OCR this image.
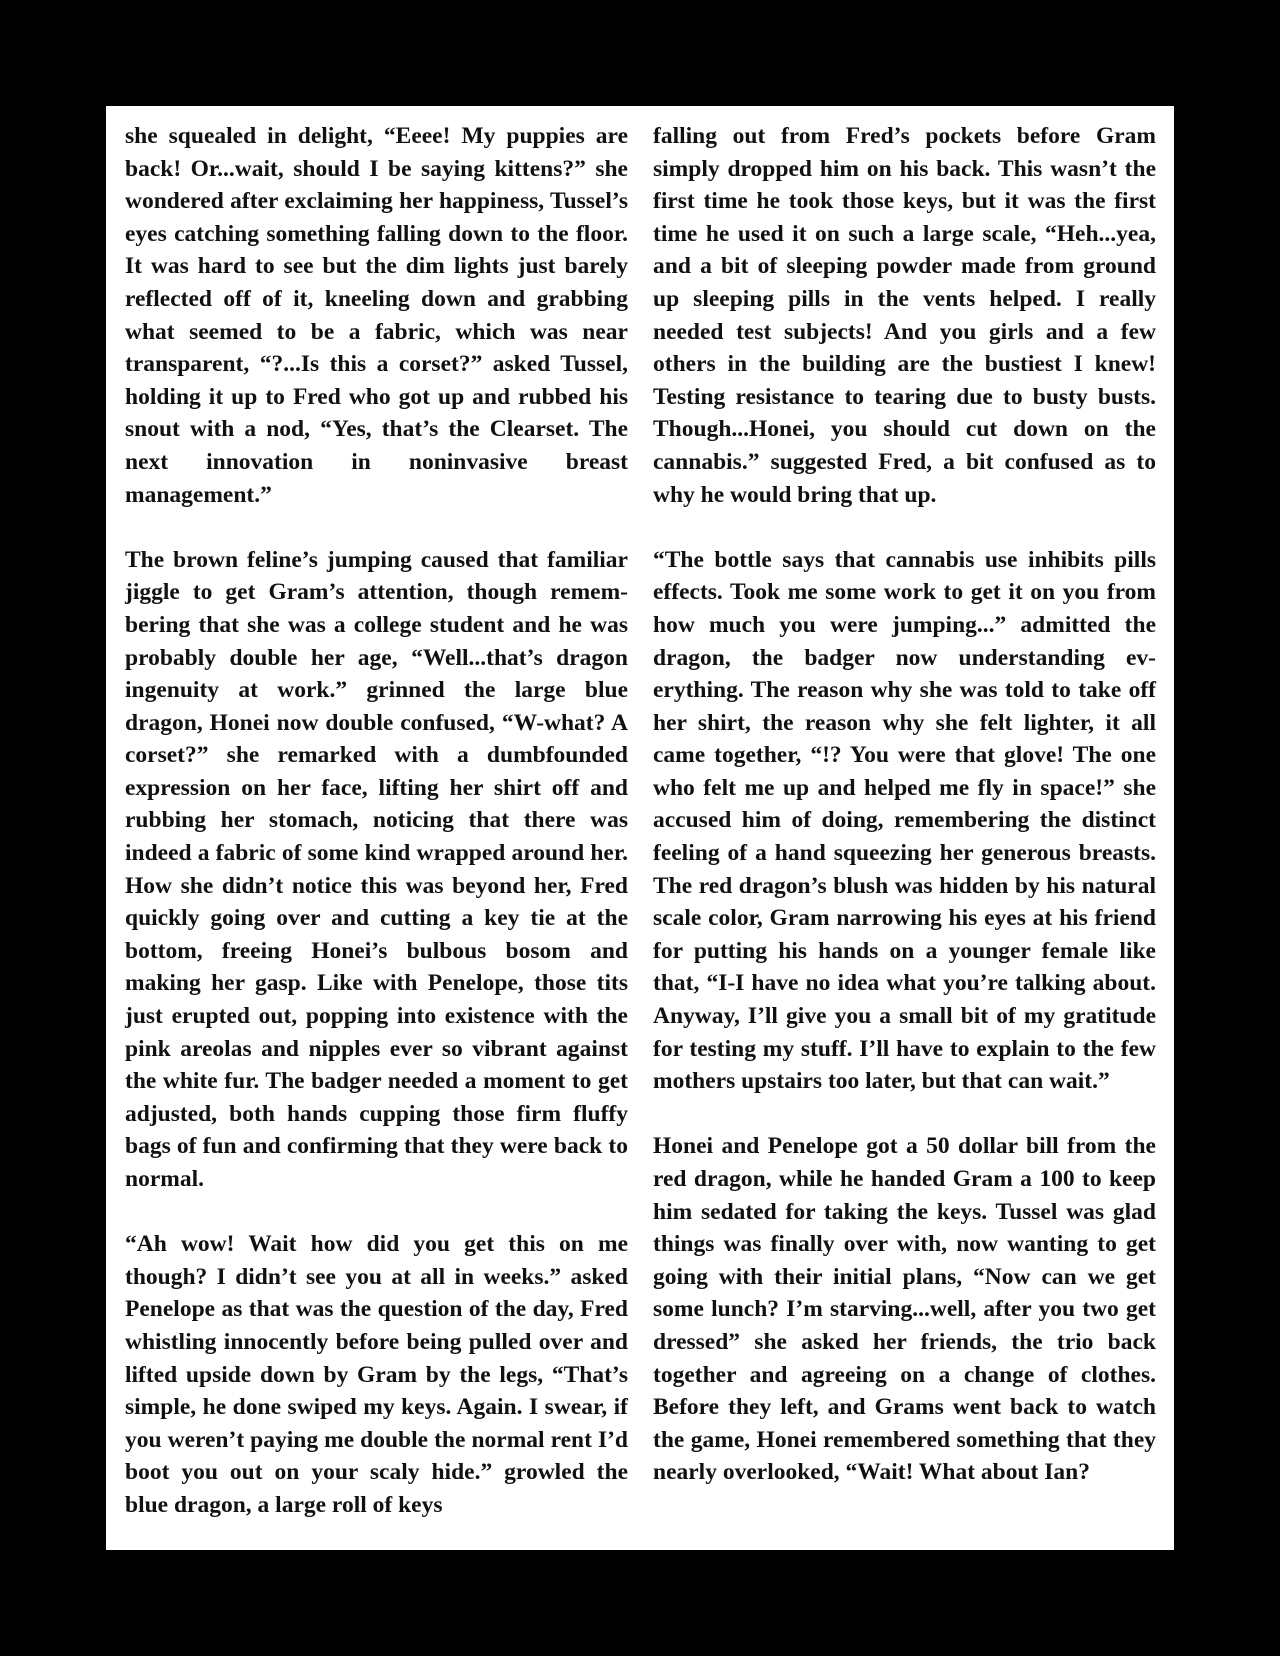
she squealed in delight, “Eeee! My puppies are back! Or...wait, should I be saying kittens?” she wondered after exclaiming her happiness, Tussel’s eyes catching something falling down to the floor. It was hard to see but the dim lights just barely reflected off of it, kneeling down and grabbing what seemed to be a fabric, which was near transparent, “?...Is this a corset?” asked Tussel, holding it up to Fred who got up and rubbed his snout with a nod, “Yes, that’s the Clearset. The next innovation in noninvasive breast management.”

The brown feline’s jumping caused that familiar jiggle to get Gram’s attention, though remembering that she was a college student and he was probably double her age, “Well...that’s dragon ingenuity at work.” grinned the large blue dragon, Honei now double confused, “W-what? A corset?” she remarked with a dumbfounded expression on her face, lifting her shirt off and rubbing her stomach, noticing that there was indeed a fabric of some kind wrapped around her. How she didn’t notice this was beyond her, Fred quickly going over and cutting a key tie at the bottom, freeing Honei’s bulbous bosom and making her gasp. Like with Penelope, those tits just erupted out, popping into existence with the pink areolas and nipples ever so vibrant against the white fur. The badger needed a moment to get adjusted, both hands cupping those firm fluffy bags of fun and confirming that they were back to normal.

“Ah wow! Wait how did you get this on me though? I didn’t see you at all in weeks.” asked Penelope as that was the question of the day, Fred whistling innocently before being pulled over and lifted upside down by Gram by the legs, “That’s simple, he done swiped my keys. Again. I swear, if you weren’t paying me double the normal rent I’d boot you out on your scaly hide.” growled the blue dragon, a large roll of keys

falling out from Fred’s pockets before Gram simply dropped him on his back. This wasn’t the first time he took those keys, but it was the first time he used it on such a large scale, “Heh...yea, and a bit of sleeping powder made from ground up sleeping pills in the vents helped. I really needed test subjects! And you girls and a few others in the building are the bustiest I knew! Testing resistance to tearing due to busty busts. Though...Honei, you should cut down on the cannabis.” suggested Fred, a bit confused as to why he would bring that up.

“The bottle says that cannabis use inhibits pills effects. Took me some work to get it on you from how much you were jumping...” admitted the dragon, the badger now understanding everything. The reason why she was told to take off her shirt, the reason why she felt lighter, it all came together, “!? You were that glove! The one who felt me up and helped me fly in space!” she accused him of doing, remembering the distinct feeling of a hand squeezing her generous breasts. The red dragon’s blush was hidden by his natural scale color, Gram narrowing his eyes at his friend for putting his hands on a younger female like that, “I-I have no idea what you’re talking about. Anyway, I’ll give you a small bit of my gratitude for testing my stuff. I’ll have to explain to the few mothers upstairs too later, but that can wait.”

Honei and Penelope got a 50 dollar bill from the red dragon, while he handed Gram a 100 to keep him sedated for taking the keys. Tussel was glad things was finally over with, now wanting to get going with their initial plans, “Now can we get some lunch? I’m starving...well, after you two get dressed” she asked her friends, the trio back together and agreeing on a change of clothes. Before they left, and Grams went back to watch the game, Honei remembered something that they nearly overlooked, “Wait! What about Ian?
